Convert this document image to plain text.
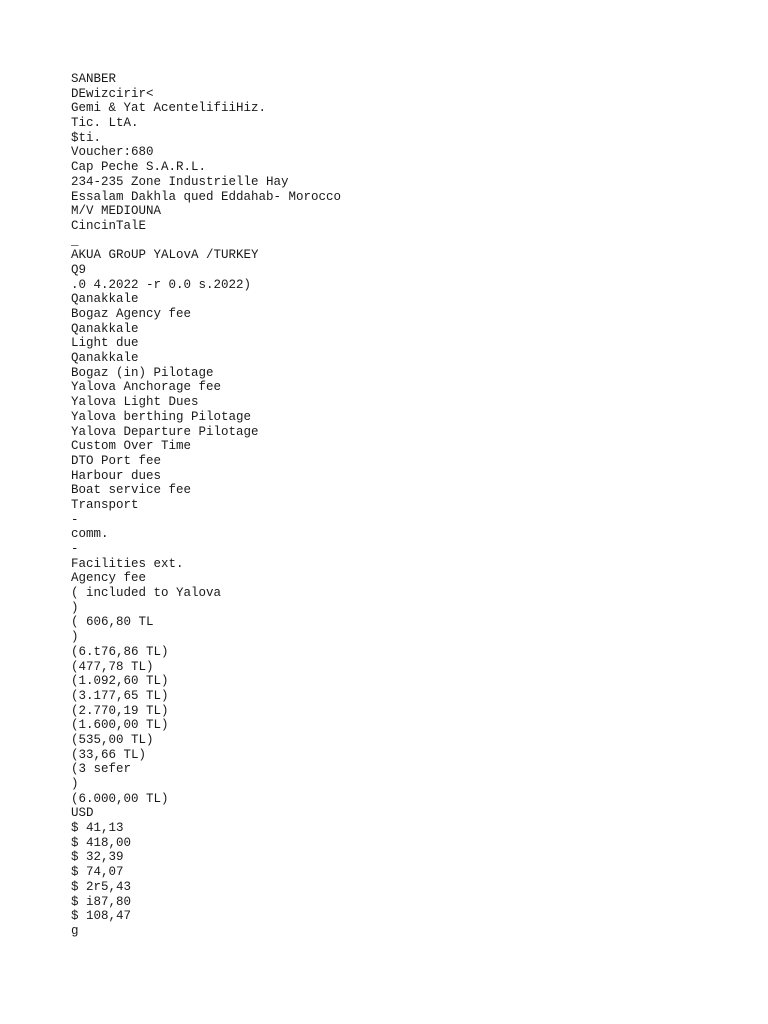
SANBER
DEwizcirir<
Gemi & Yat AcentelifiiHiz.
Tic. LtA.
$ti.
Voucher:680
Cap Peche S.A.R.L.
234-235 Zone Industrielle Hay
Essalam Dakhla qued Eddahab- Morocco
M/V MEDIOUNA
CincinTalE
_
AKUA GRoUP YALovA /TURKEY
Q9
.0 4.2022 -r 0.0 s.2022)
Qanakkale
Bogaz Agency fee
Qanakkale
Light due
Qanakkale
Bogaz (in) Pilotage
Yalova Anchorage fee
Yalova Light Dues
Yalova berthing Pilotage
Yalova Departure Pilotage
Custom Over Time
DTO Port fee
Harbour dues
Boat service fee
Transport
-
comm.
-
Facilities ext.
Agency fee
( included to Yalova
)
( 606,80 TL
)
(6.t76,86 TL)
(477,78 TL)
(1.092,60 TL)
(3.177,65 TL)
(2.770,19 TL)
(1.600,00 TL)
(535,00 TL)
(33,66 TL)
(3 sefer
)
(6.000,00 TL)
USD
$ 41,13
$ 418,00
$ 32,39
$ 74,07
$ 2r5,43
$ i87,80
$ 108,47
g
